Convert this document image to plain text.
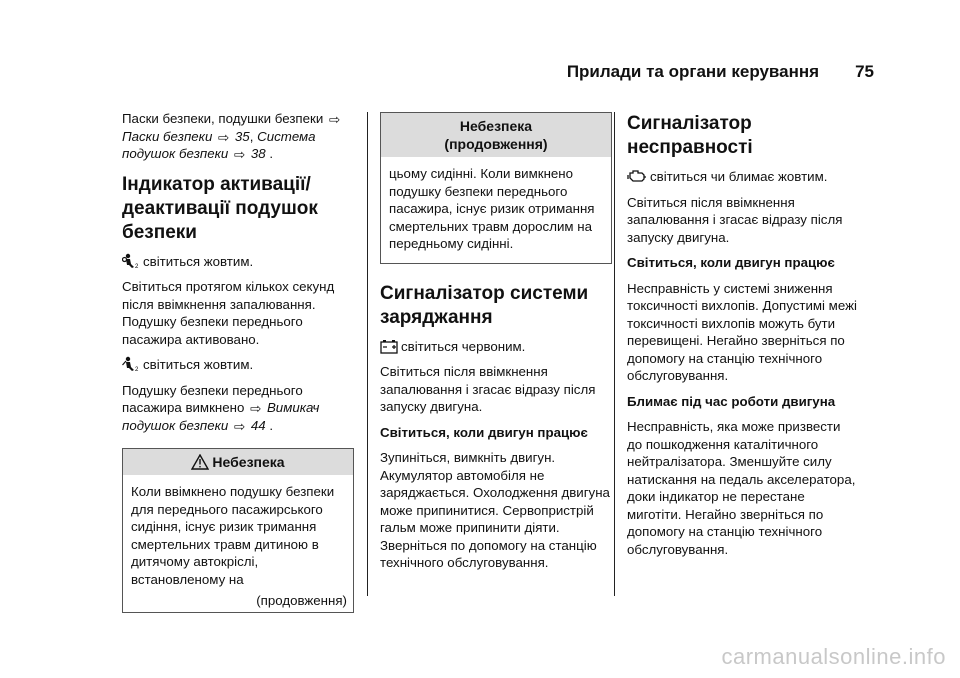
Прилади та органи керування 75

Паски безпеки, подушки безпеки ⇨
Паски безпеки ⇨ 35, Система подушок безпеки ⇨ 38 .

Індикатор активації/деактивації подушок безпеки

2 світиться жовтим.

Світиться протягом кількох секунд після ввімкнення запалювання. Подушку безпеки переднього пасажира активовано.

2 світиться жовтим.

Подушку безпеки переднього пасажира вимкнено ⇨ Вимикач подушок безпеки ⇨ 44 .

Небезпека
Коли ввімкнено подушку безпеки для переднього пасажирського сидіння, існує ризик тримання смертельних травм дитиною в дитячому автокріслі, встановленому на
(продовження)
Небезпека
(продовження)
цьому сидінні. Коли вимкнено подушку безпеки переднього пасажира, існує ризик отримання смертельних травм дорослим на передньому сидінні.
Сигналізатор системи заряджання

світиться червоним.

Світиться після ввімкнення запалювання і згасає відразу після запуску двигуна.

Світиться, коли двигун працює

Зупиніться, вимкніть двигун. Акумулятор автомобіля не заряджається. Охолодження двигуна може припинитися. Сервопристрій гальм може припинити діяти. Зверніться по допомогу на станцію технічного обслуговування.

Сигналізатор несправності

світиться чи блимає жовтим.

Світиться після ввімкнення запалювання і згасає відразу після запуску двигуна.

Світиться, коли двигун працює

Несправність у системі зниження токсичності вихлопів. Допустимі межі токсичності вихлопів можуть бути перевищені. Негайно зверніться по допомогу на станцію технічного обслуговування.

Блимає під час роботи двигуна

Несправність, яка може призвести до пошкодження каталітичного нейтралізатора. Зменшуйте силу натискання на педаль акселератора, доки індикатор не перестане миготіти. Негайно зверніться по допомогу на станцію технічного обслуговування.

carmanualsonline.info
